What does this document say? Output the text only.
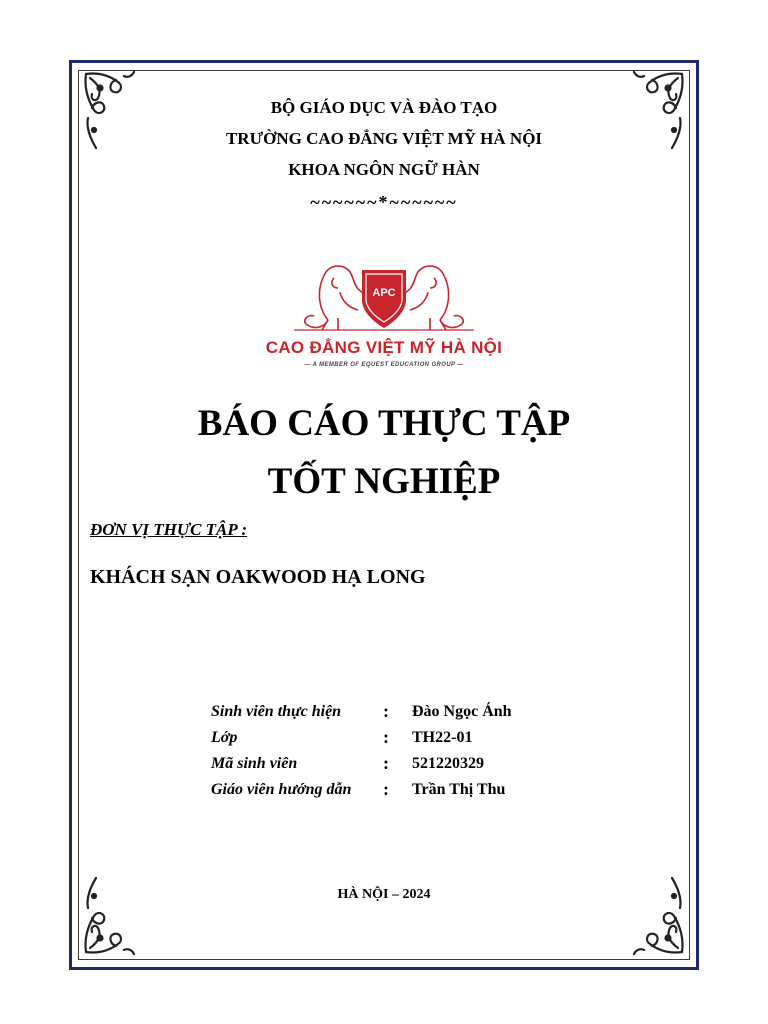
BỘ GIÁO DỤC VÀ ĐÀO TẠO
TRƯỜNG CAO ĐẲNG VIỆT MỸ HÀ NỘI
KHOA NGÔN NGỮ HÀN
~~~~~~*~~~~~~
APC
CAO ĐẲNG VIỆT MỸ HÀ NỘI
— A MEMBER OF EQUEST EDUCATION GROUP —
BÁO CÁO THỰC TẬP
TỐT NGHIỆP
ĐƠN VỊ THỰC TẬP :
KHÁCH SẠN OAKWOOD HẠ LONG
Sinh viên thực hiện : Đào Ngọc Ánh
Lớp	: TH22-01
Mã sinh viên	: 521220329
Giáo viên hướng dẫn : Trần Thị Thu
HÀ NỘI – 2024
